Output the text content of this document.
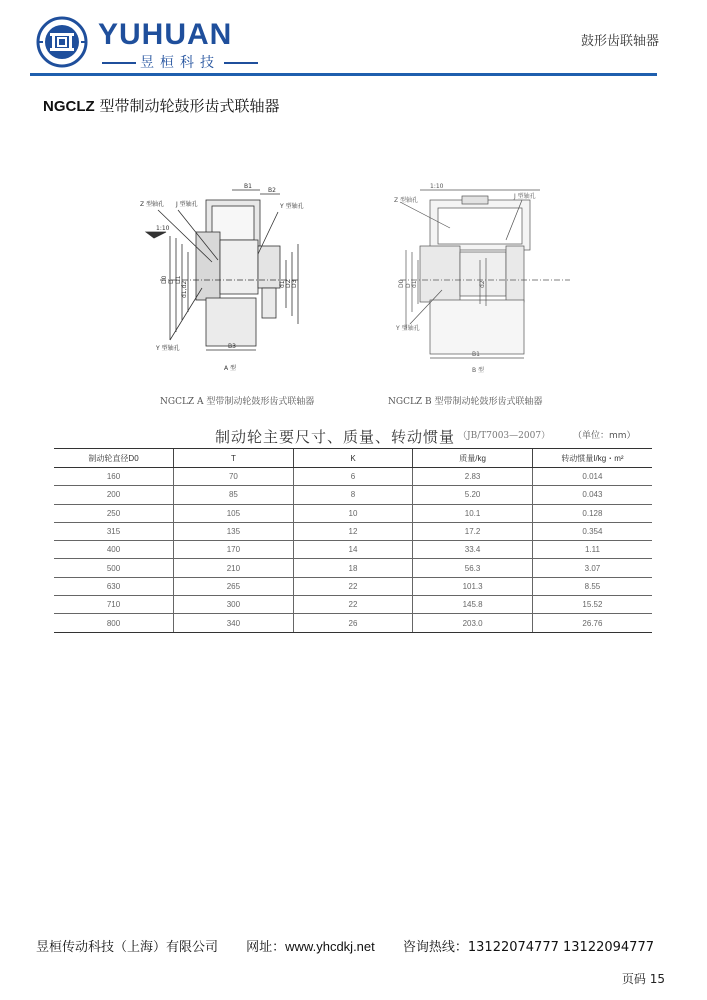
YUHUAN
昱桓科技
鼓形齿联轴器
NGCLZ 型带制动轮鼓形齿式联轴器
Z 型轴孔 J 型轴孔	Y 型轴孔
Y 型轴孔
B1
B2
B3
1:10
D0 D D1
d1,d2	d1 D2 D3
A 型
NGCLZ A 型带制动轮鼓形齿式联轴器
Z 型轴孔
J 型轴孔
Y 型轴孔
1:10
B1
D0 D d1	d2
B 型
NGCLZ B 型带制动轮鼓形齿式联轴器
制动轮主要尺寸、质量、转动惯量 （JB/T7003—2007）	（单位：mm）
制动轮直径D0	T	K	质量/kg	转动惯量I/kg・m²
160	70	6	2.83	0.014
200	85	8	5.20	0.043
250	105	10	10.1	0.128
315	135	12	17.2	0.354
400	170	14	33.4	1.11
500	210	18	56.3	3.07
630	265	22	101.3	8.55
710	300	22	145.8	15.52
800	340	26	203.0	26.76
昱桓传动科技（上海）有限公司 网址：www.yhcdkj.net 咨询热线：13122074777 13122094777
页码 15
